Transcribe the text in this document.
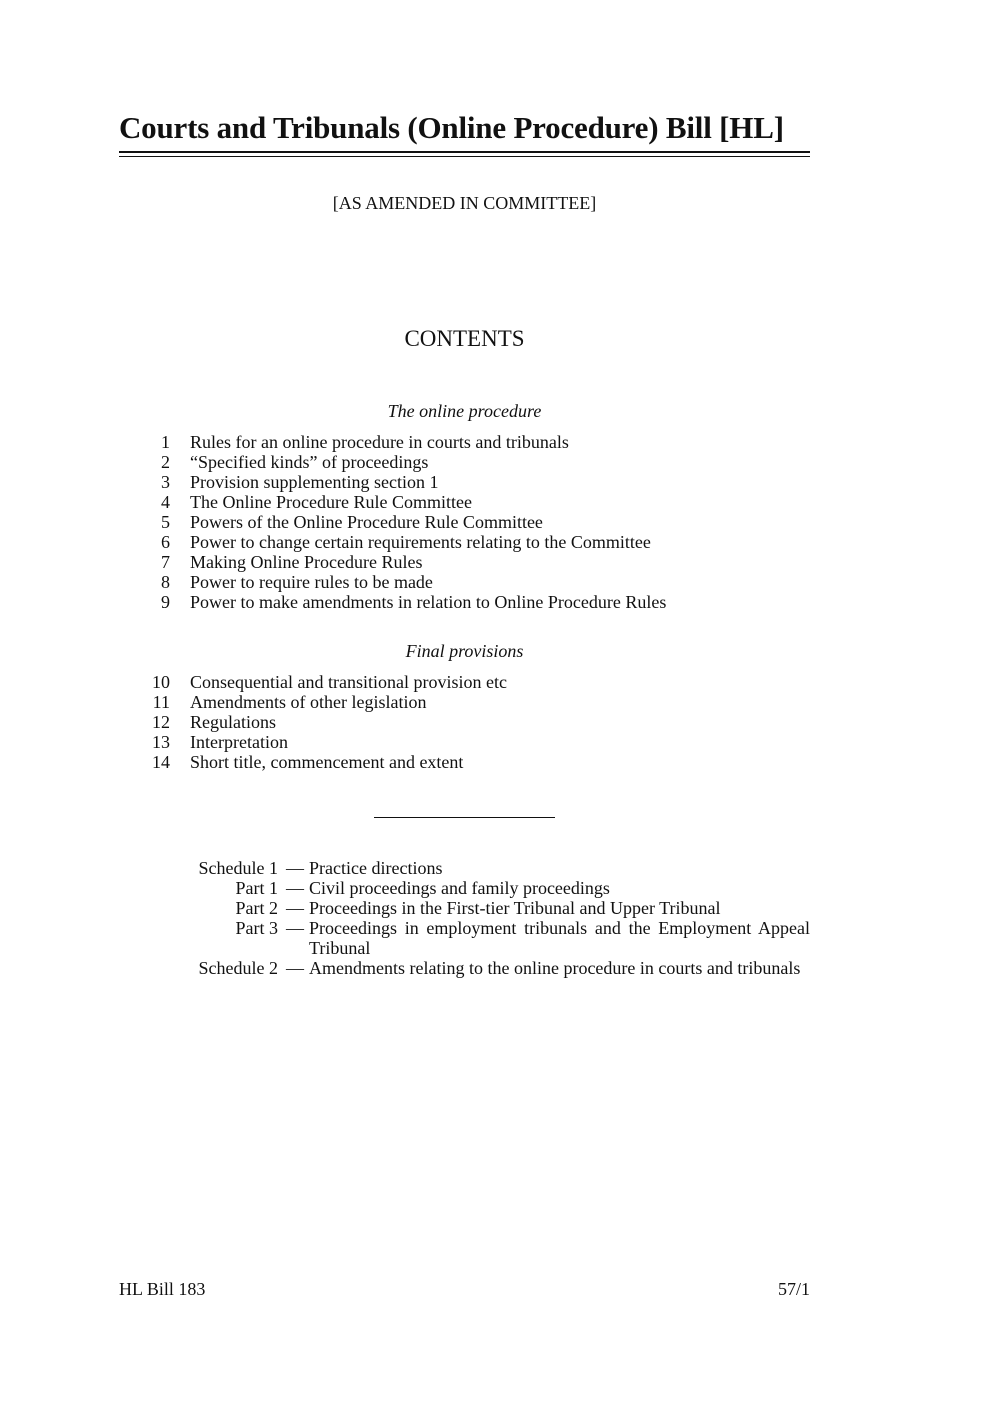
Courts and Tribunals (Online Procedure) Bill [HL]
[AS AMENDED IN COMMITTEE]
CONTENTS
The online procedure
1 Rules for an online procedure in courts and tribunals
2 “Specified kinds” of proceedings
3 Provision supplementing section 1
4 The Online Procedure Rule Committee
5 Powers of the Online Procedure Rule Committee
6 Power to change certain requirements relating to the Committee
7 Making Online Procedure Rules
8 Power to require rules to be made
9 Power to make amendments in relation to Online Procedure Rules
Final provisions
10 Consequential and transitional provision etc
11 Amendments of other legislation
12 Regulations
13 Interpretation
14 Short title, commencement and extent
Schedule 1 — Practice directions
Part 1 — Civil proceedings and family proceedings
Part 2 — Proceedings in the First-tier Tribunal and Upper Tribunal
Part 3 — Proceedings in employment tribunals and the Employment Appeal Tribunal
Schedule 2 — Amendments relating to the online procedure in courts and tribunals
HL Bill 183	57/1
